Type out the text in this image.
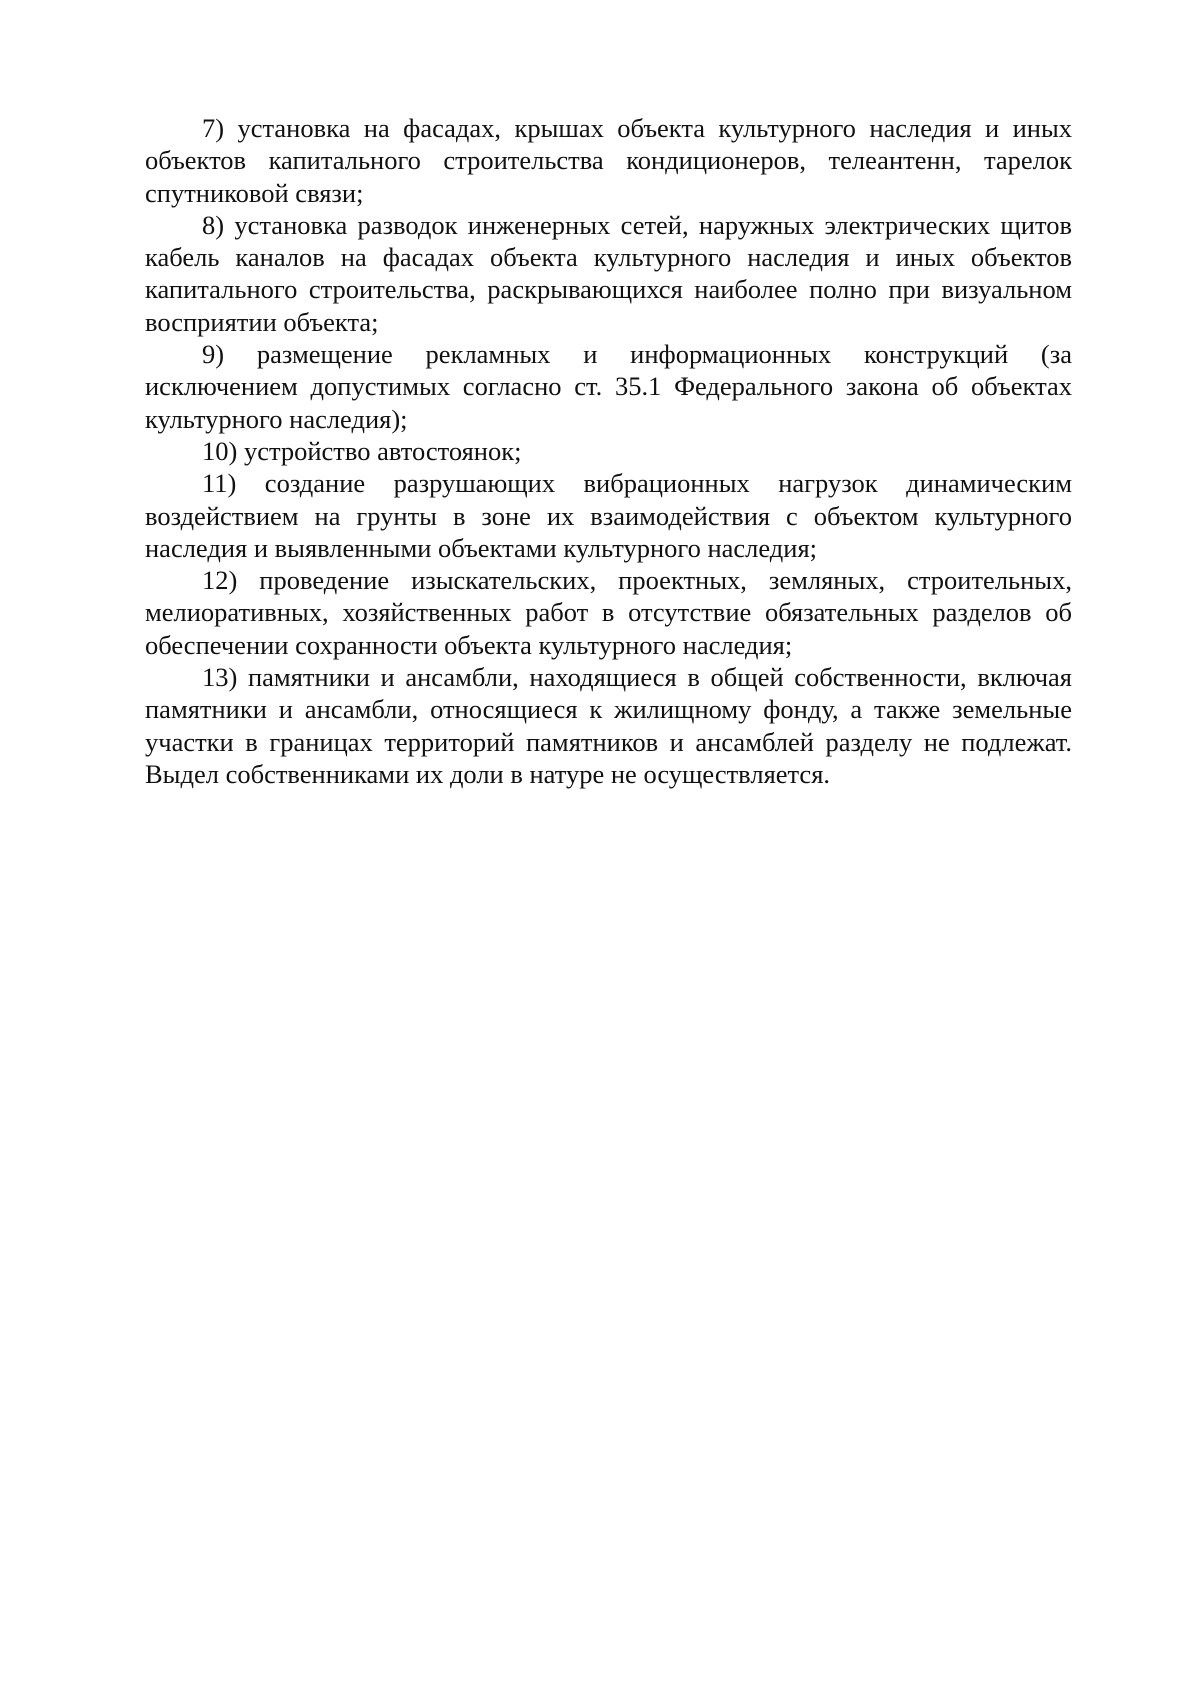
7) установка на фасадах, крышах объекта культурного наследия и иных объектов капитального строительства кондиционеров, телеантенн, тарелок спутниковой связи;

8) установка разводок инженерных сетей, наружных электрических щитов кабель каналов на фасадах объекта культурного наследия и иных объектов капитального строительства, раскрывающихся наиболее полно при визуальном восприятии объекта;

9) размещение рекламных и информационных конструкций (за исключением допустимых согласно ст. 35.1 Федерального закона об объектах культурного наследия);

10) устройство автостоянок;

11) создание разрушающих вибрационных нагрузок динамическим воздействием на грунты в зоне их взаимодействия с объектом культурного наследия и выявленными объектами культурного наследия;

12) проведение изыскательских, проектных, земляных, строительных, мелиоративных, хозяйственных работ в отсутствие обязательных разделов об обеспечении сохранности объекта культурного наследия;

13) памятники и ансамбли, находящиеся в общей собственности, включая памятники и ансамбли, относящиеся к жилищному фонду, а также земельные участки в границах территорий памятников и ансамблей разделу не подлежат. Выдел собственниками их доли в натуре не осуществляется.
